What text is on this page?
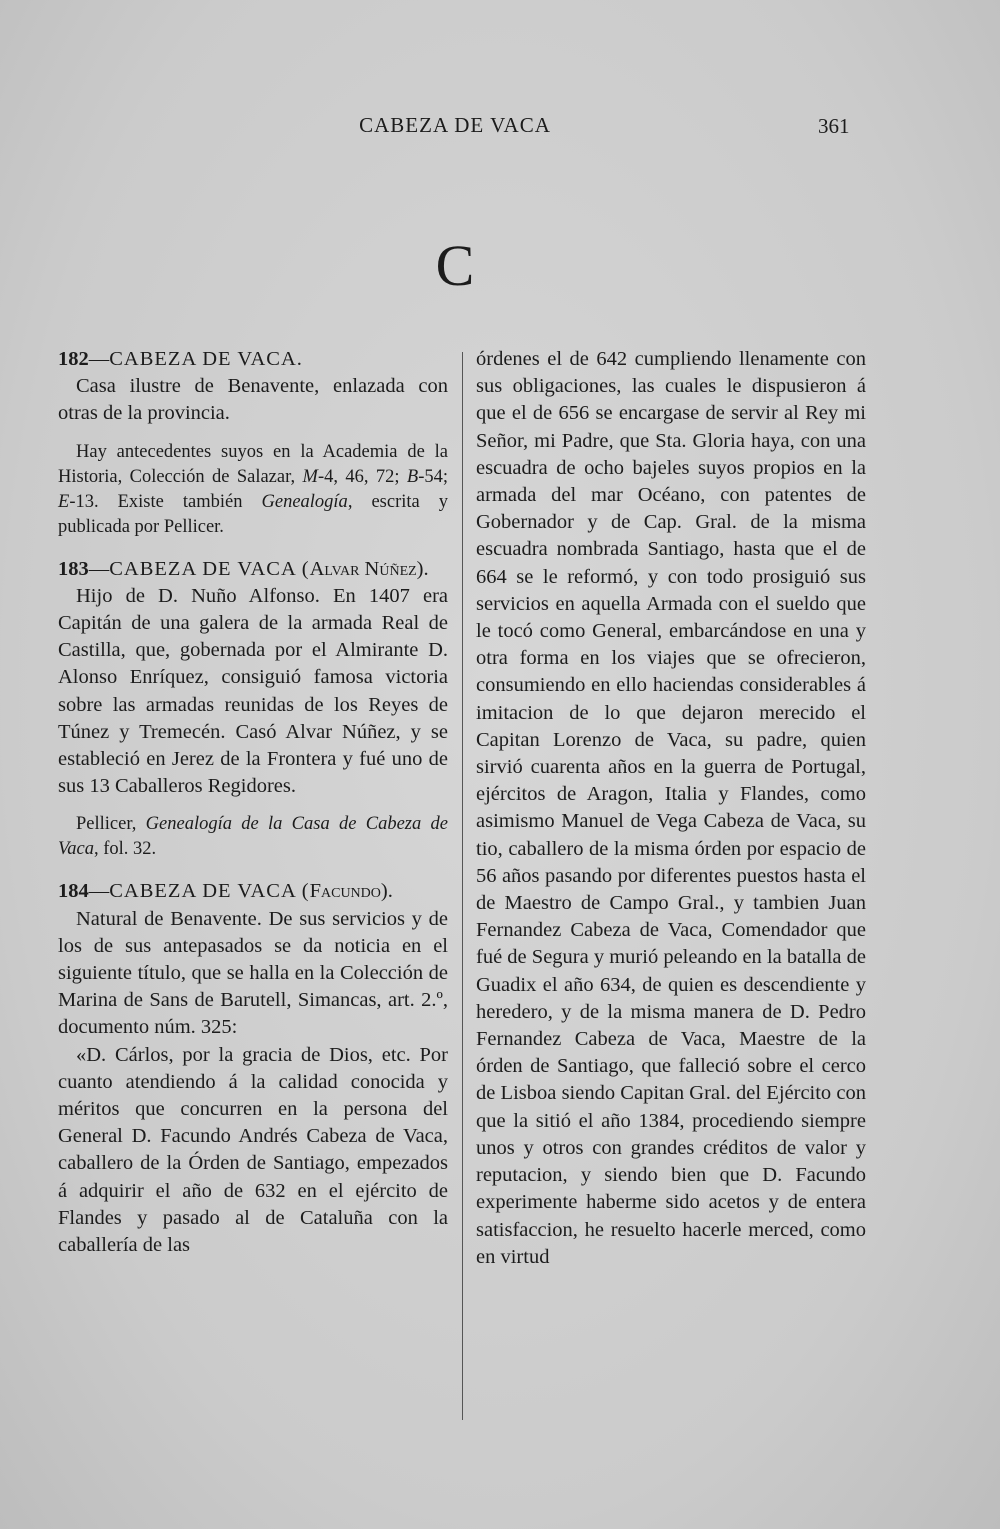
CABEZA DE VACA	361
C

182—CABEZA DE VACA.

Casa ilustre de Benavente, enlazada con otras de la provincia.

Hay antecedentes suyos en la Academia de la Historia, Colección de Salazar, M-4, 46, 72; B-54; E-13. Existe también Genealogía, escrita y publicada por Pellicer.

183—CABEZA DE VACA (Alvar Núñez).

Hijo de D. Nuño Alfonso. En 1407 era Capitán de una galera de la armada Real de Castilla, que, gobernada por el Almirante D. Alonso Enríquez, consiguió famosa victoria sobre las armadas reunidas de los Reyes de Túnez y Tremecén. Casó Alvar Núñez, y se estableció en Jerez de la Frontera y fué uno de sus 13 Caballeros Regidores.

Pellicer, Genealogía de la Casa de Cabeza de Vaca, fol. 32.

184—CABEZA DE VACA (Facundo).

Natural de Benavente. De sus servicios y de los de sus antepasados se da noticia en el siguiente título, que se halla en la Colección de Marina de Sans de Barutell, Simancas, art. 2.º, documento núm. 325:

«D. Cárlos, por la gracia de Dios, etc. Por cuanto atendiendo á la calidad conocida y méritos que concurren en la persona del General D. Facundo Andrés Cabeza de Vaca, caballero de la Órden de Santiago, empezados á adquirir el año de 632 en el ejército de Flandes y pasado al de Cataluña con la caballería de las

órdenes el de 642 cumpliendo llenamente con sus obligaciones, las cuales le dispusieron á que el de 656 se encargase de servir al Rey mi Señor, mi Padre, que Sta. Gloria haya, con una escuadra de ocho bajeles suyos propios en la armada del mar Océano, con patentes de Gobernador y de Cap. Gral. de la misma escuadra nombrada Santiago, hasta que el de 664 se le reformó, y con todo prosiguió sus servicios en aquella Armada con el sueldo que le tocó como General, embarcándose en una y otra forma en los viajes que se ofrecieron, consumiendo en ello haciendas considerables á imitacion de lo que dejaron merecido el Capitan Lorenzo de Vaca, su padre, quien sirvió cuarenta años en la guerra de Portugal, ejércitos de Aragon, Italia y Flandes, como asimismo Manuel de Vega Cabeza de Vaca, su tio, caballero de la misma órden por espacio de 56 años pasando por diferentes puestos hasta el de Maestro de Campo Gral., y tambien Juan Fernandez Cabeza de Vaca, Comendador que fué de Segura y murió peleando en la batalla de Guadix el año 634, de quien es descendiente y heredero, y de la misma manera de D. Pedro Fernandez Cabeza de Vaca, Maestre de la órden de Santiago, que falleció sobre el cerco de Lisboa siendo Capitan Gral. del Ejército con que la sitió el año 1384, procediendo siempre unos y otros con grandes créditos de valor y reputacion, y siendo bien que D. Facundo experimente haberme sido acetos y de entera satisfaccion, he resuelto hacerle merced, como en virtud
